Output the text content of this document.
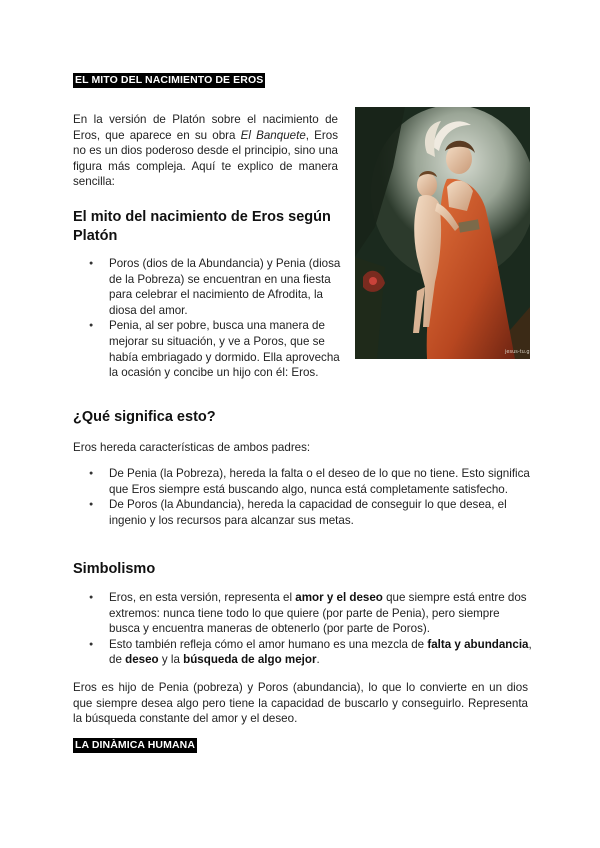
EL MITO DEL NACIMIENTO DE EROS

En la versión de Platón sobre el nacimiento de Eros, que aparece en su obra El Banquete, Eros no es un dios poderoso desde el principio, sino una figura más compleja. Aquí te explico de manera sencilla:

jesus-tu.g
El mito del nacimiento de Eros según Platón
● Poros (dios de la Abundancia) y Penia (diosa de la Pobreza) se encuentran en una fiesta para celebrar el nacimiento de Afrodita, la diosa del amor.
● Penia, al ser pobre, busca una manera de mejorar su situación, y ve a Poros, que se había embriagado y dormido. Ella aprovecha la ocasión y concibe un hijo con él: Eros.
¿Qué significa esto?

Eros hereda características de ambos padres:

● De Penia (la Pobreza), hereda la falta o el deseo de lo que no tiene. Esto significa que Eros siempre está buscando algo, nunca está completamente satisfecho.
● De Poros (la Abundancia), hereda la capacidad de conseguir lo que desea, el ingenio y los recursos para alcanzar sus metas.
Simbolismo
● Eros, en esta versión, representa el amor y el deseo que siempre está entre dos extremos: nunca tiene todo lo que quiere (por parte de Penia), pero siempre busca y encuentra maneras de obtenerlo (por parte de Poros).
● Esto también refleja cómo el amor humano es una mezcla de falta y abundancia, de deseo y la búsqueda de algo mejor.

Eros es hijo de Penia (pobreza) y Poros (abundancia), lo que lo convierte en un dios que siempre desea algo pero tiene la capacidad de buscarlo y conseguirlo. Representa la búsqueda constante del amor y el deseo.

LA DINÀMICA HUMANA
